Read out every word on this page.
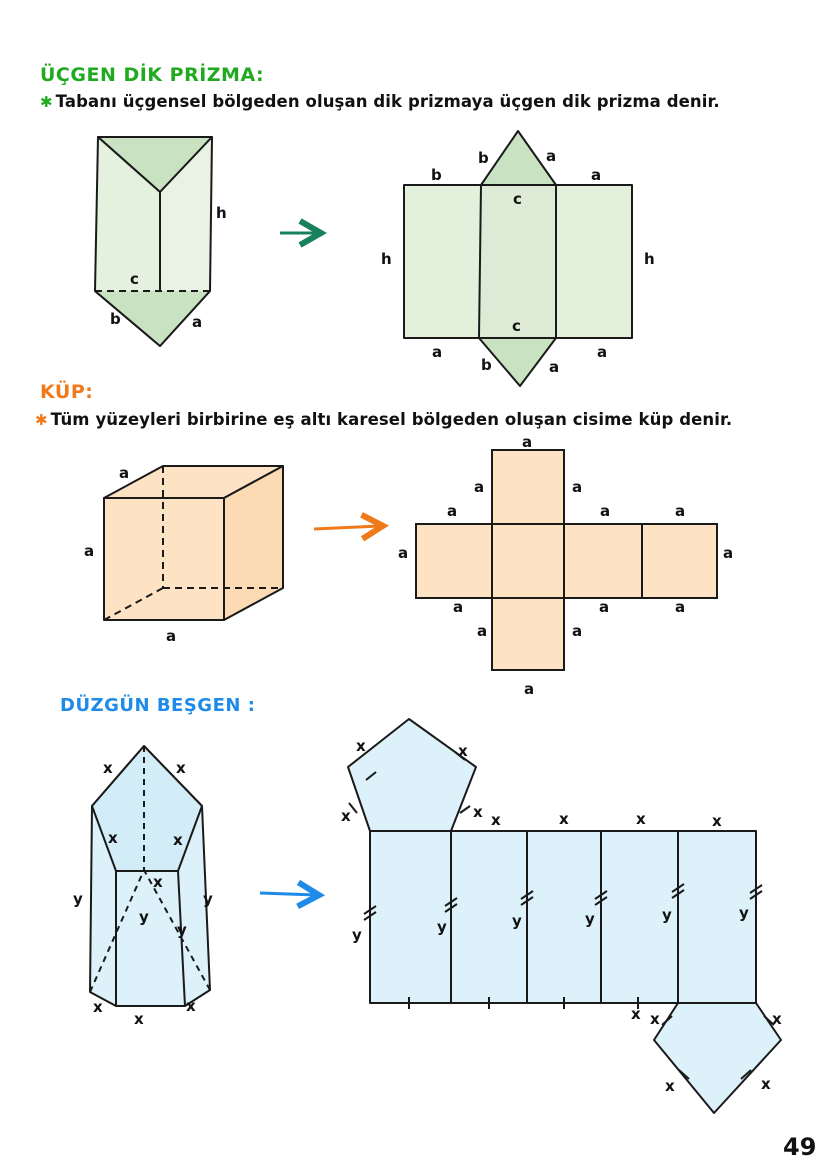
ÜÇGEN DİK PRİZMA:
✱ Tabanı üçgensel bölgeden oluşan dik prizmaya üçgen dik prizma denir.
KÜP:
✱ Tüm yüzeyleri birbirine eş altı karesel bölgeden oluşan cisime küp denir.
DÜZGÜN BEŞGEN :
49
h
c
b	a
b	a
b
c
a
h	h
c
a	a
b	a
a
a
a
a
a	a
a	a	a
a	a
a	a	a
a	a
a
x	x
x	x
x
y	y
y
y
x
x
x
x	x
x	x x	x	x	x
y	y	y	y	y	y
x x	x
x	x
